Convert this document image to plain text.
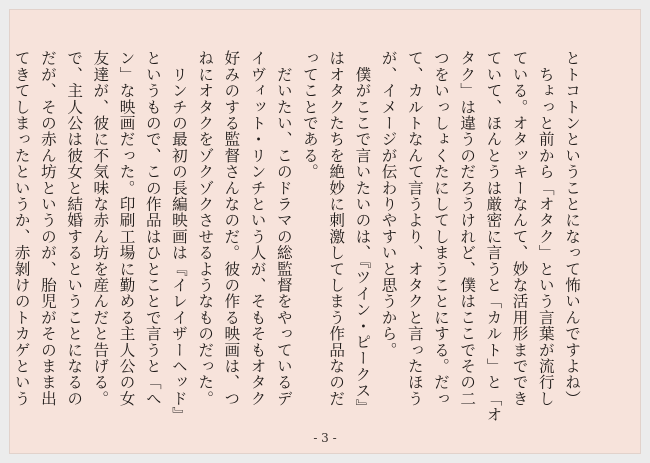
とトコトンということになって怖いんですよね）
　ちょっと前から「オタク」という言葉が流行し
ている。オタッキーなんて、妙な活用形まででき
ていて、ほんとうは厳密に言うと「カルト」と「オ
タク」は違うのだろうけれど、僕はここでその二
つをいっしょくたにしてしまうことにする。だっ
て、カルトなんて言うより、オタクと言ったほう
が、イメージが伝わりやすいと思うから。
　僕がここで言いたいのは、『ツイン・ピークス』
はオタクたちを絶妙に刺激してしまう作品なのだ
ってことである。
　だいたい、このドラマの総監督をやっているデ
イヴィット・リンチという人が、そもそもオタク
好みのする監督さんなのだ。彼の作る映画は、つ
ねにオタクをゾクゾクさせるようなものだった。
　リンチの最初の長編映画は『イレイザーヘッド』
というもので、この作品はひとことで言うと「へ
ン」な映画だった。印刷工場に勤める主人公の女
友達が、彼に不気味な赤ん坊を産んだと告げる。
で、主人公は彼女と結婚するということになるの
だが、その赤ん坊というのが、胎児がそのまま出
てきてしまったというか、赤剝けのトカゲという
- 3 -
